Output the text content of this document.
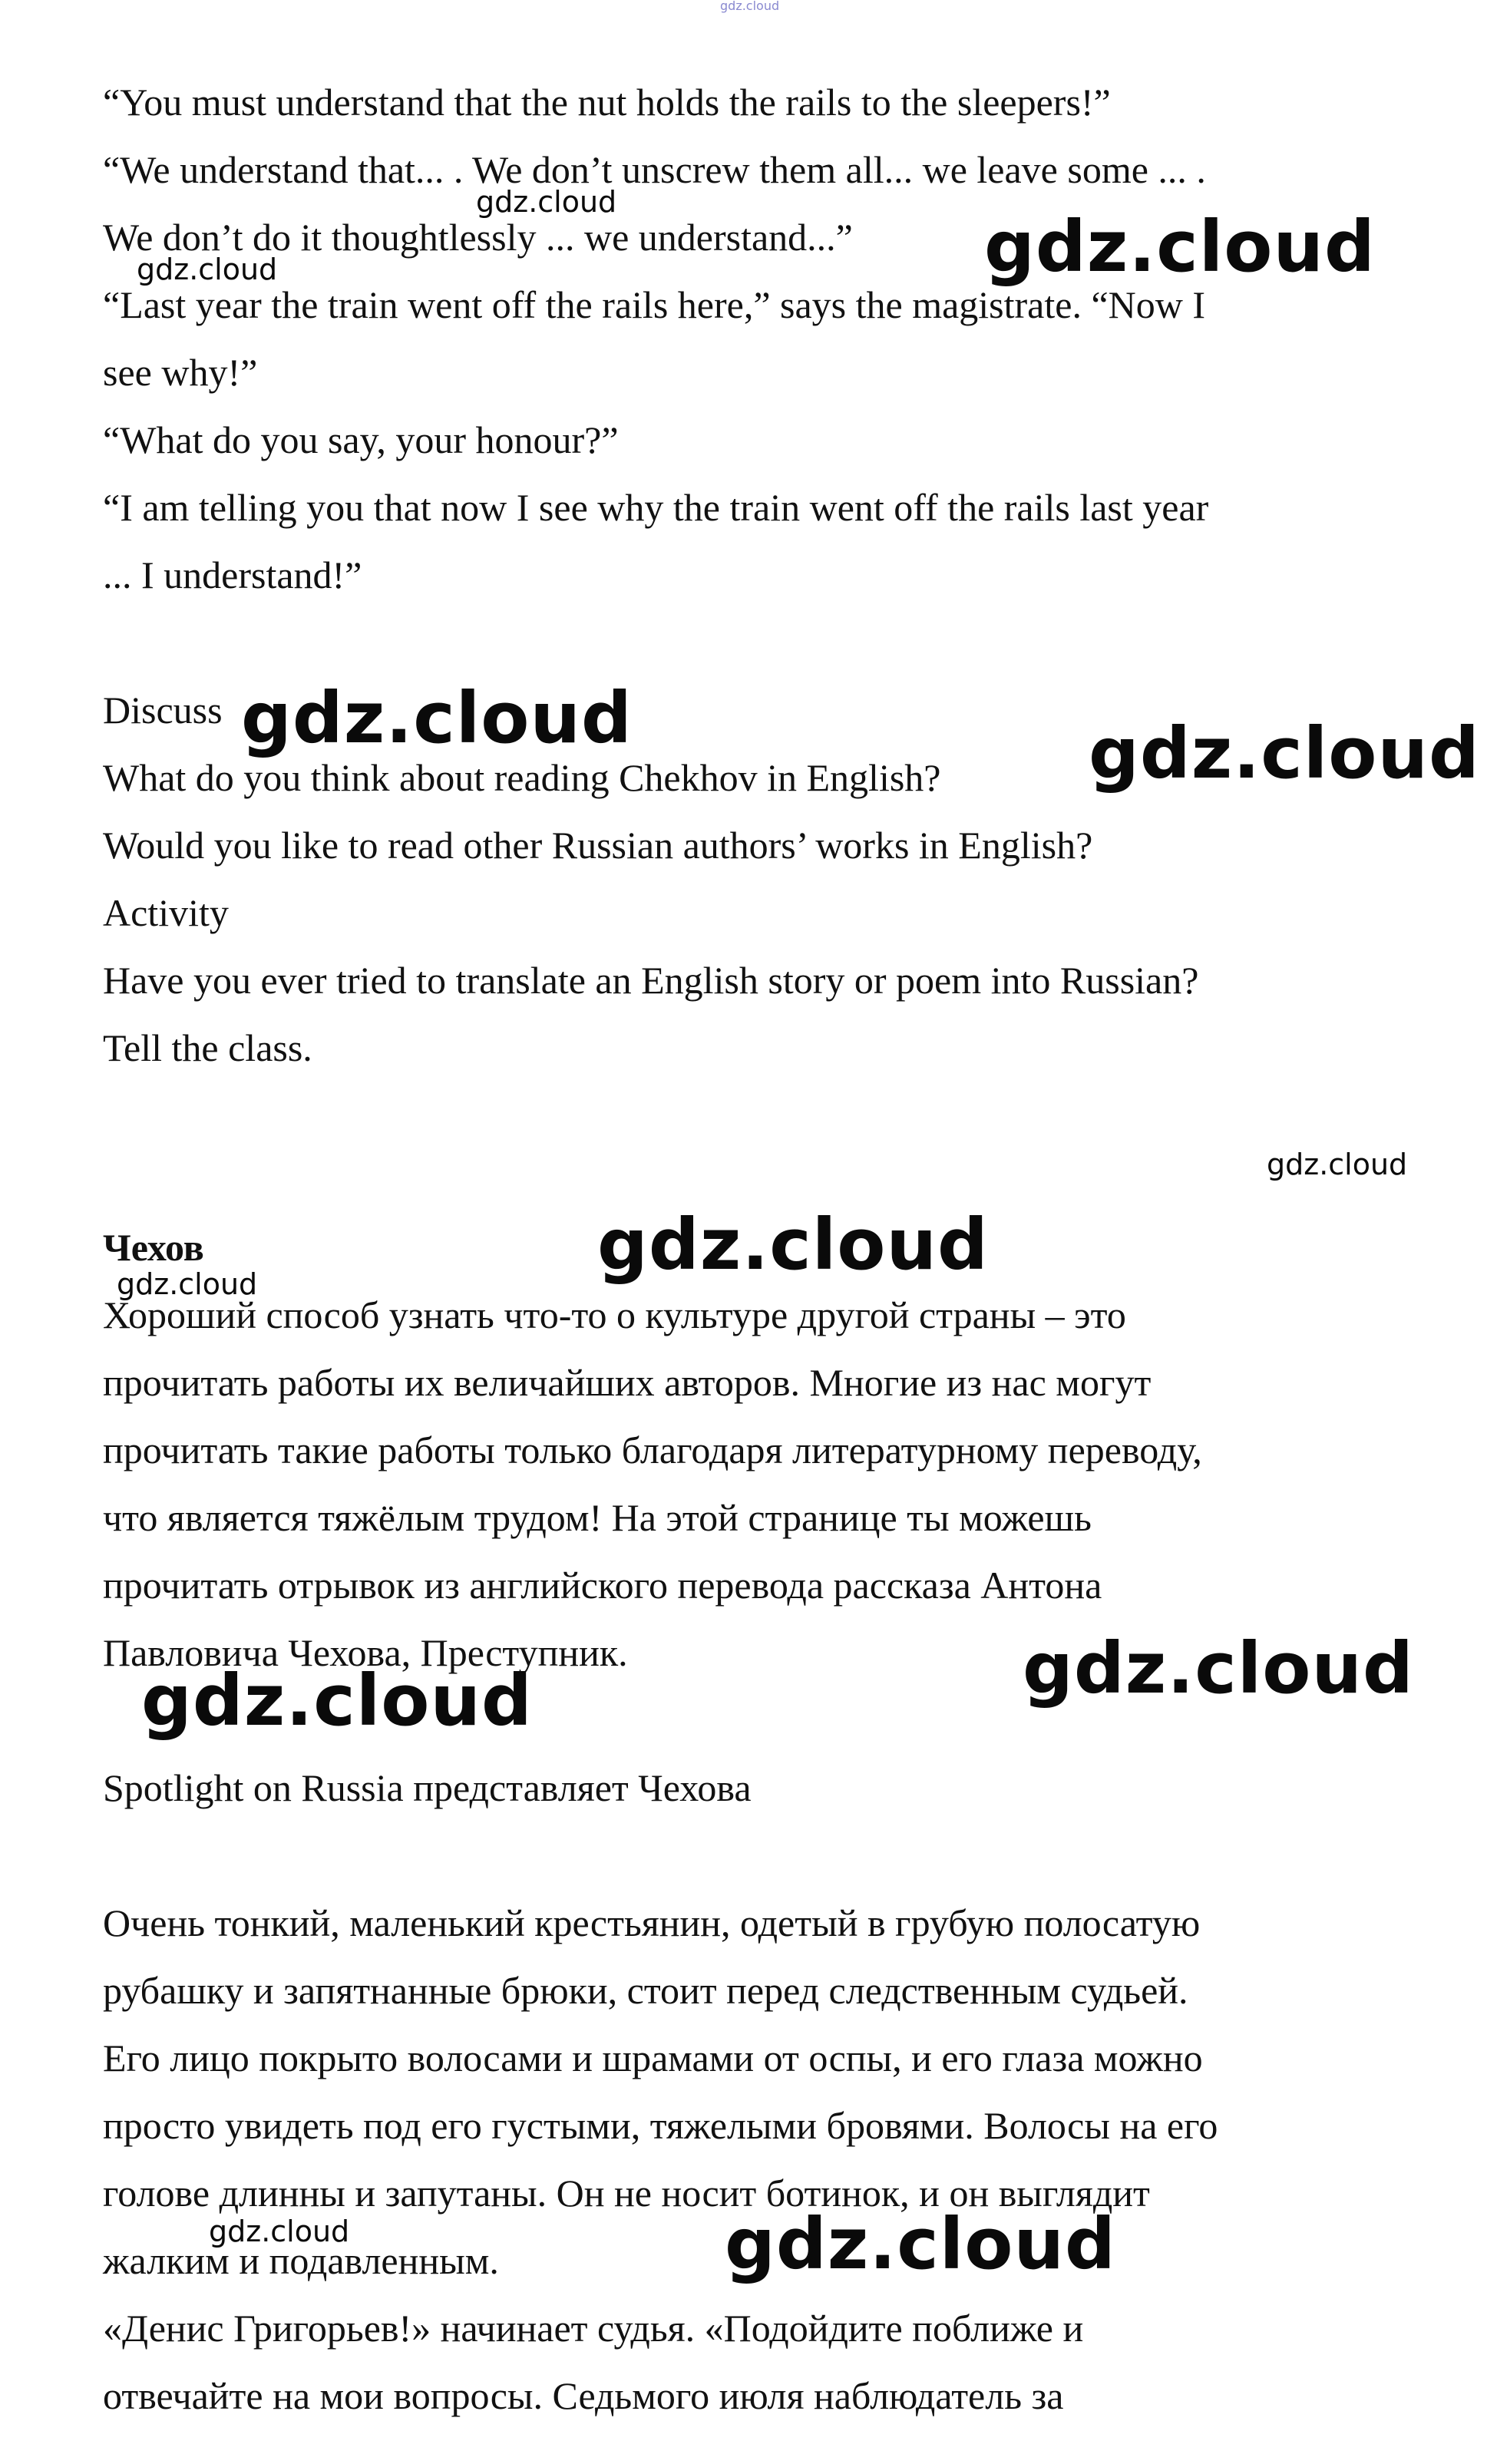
gdz.cloud
“You must understand that the nut holds the rails to the sleepers!”
“We understand that... . We don’t unscrew them all... we leave some ... .
We don’t do it thoughtlessly ... we understand...”
“Last year the train went off the rails here,” says the magistrate. “Now I
see why!”
“What do you say, your honour?”
“I am telling you that now I see why the train went off the rails last year
... I understand!”
gdz.cloud
gdz.cloud
gdz.cloud
Discuss gdz.cloud
What do you think about reading Chekhov in English? gdz.cloud
Would you like to read other Russian authors’ works in English?
Activity
Have you ever tried to translate an English story or poem into Russian?
Tell the class.
gdz.cloud
Чехов	gdz.cloud
gdz.cloud
Хороший способ узнать что-то о культуре другой страны – это
прочитать работы их величайших авторов. Многие из нас могут
прочитать такие работы только благодаря литературному переводу,
что является тяжёлым трудом! На этой странице ты можешь
прочитать отрывок из английского перевода рассказа Антона
Павловича Чехова, Преступник.	gdz.cloud
gdz.cloud
Spotlight on Russia представляет Чехова
Очень тонкий, маленький крестьянин, одетый в грубую полосатую
рубашку и запятнанные брюки, стоит перед следственным судьей.
Его лицо покрыто волосами и шрамами от оспы, и его глаза можно
просто увидеть под его густыми, тяжелыми бровями. Волосы на его
голове длинны и запутаны. Он не носит ботинок, и он выглядит
жалким и подавленным.
gdz.cloud	gdz.cloud
«Денис Григорьев!» начинает судья. «Подойдите поближе и
отвечайте на мои вопросы. Седьмого июля наблюдатель за
